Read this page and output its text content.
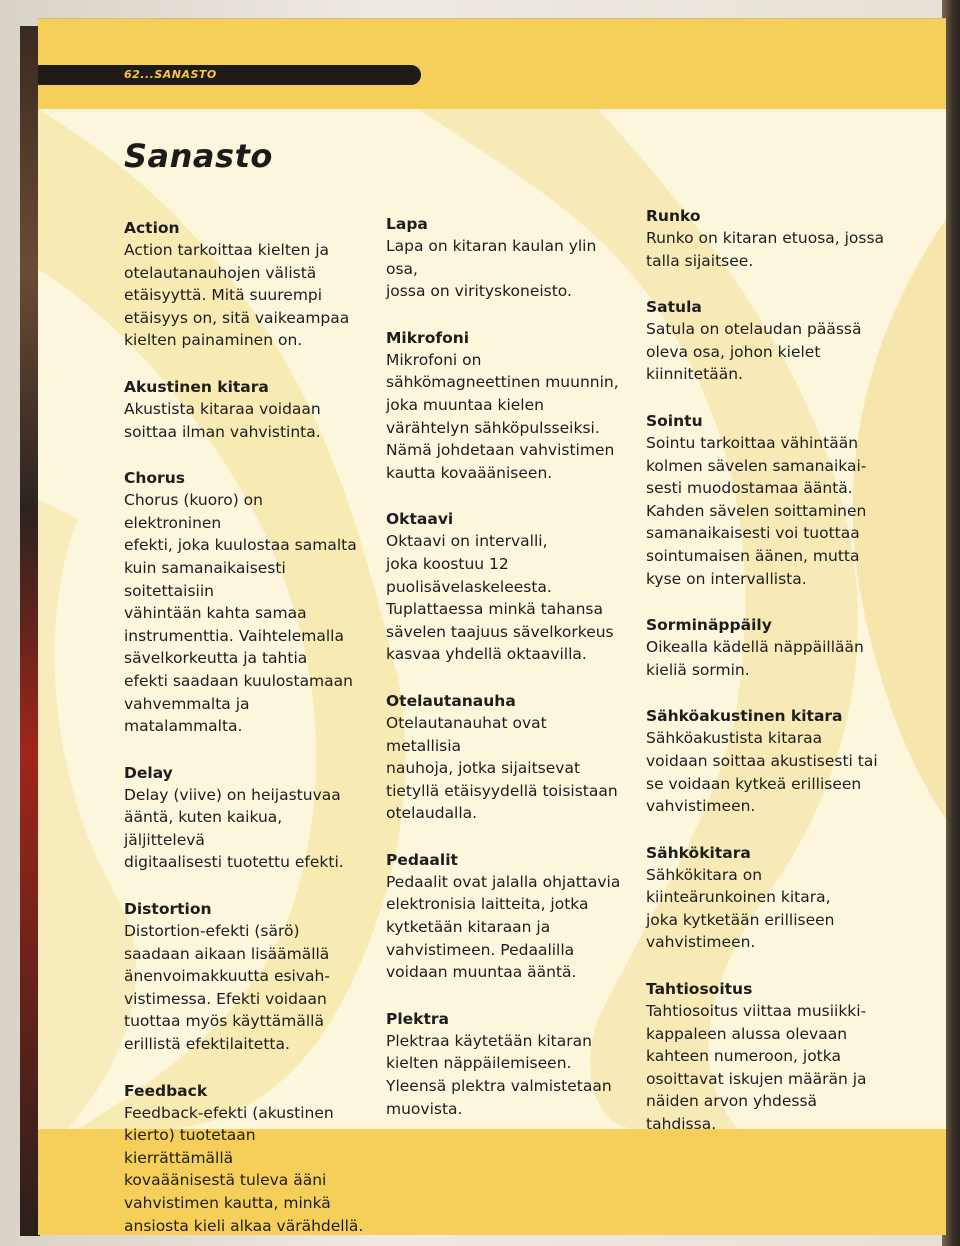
62...SANASTO
Sanasto
Action
Action tarkoittaa kielten ja
otelautanauhojen välistä
etäisyyttä. Mitä suurempi
etäisyys on, sitä vaikeampaa
kielten painaminen on.
Akustinen kitara
Akustista kitaraa voidaan
soittaa ilman vahvistinta.
Chorus
Chorus (kuoro) on elektroninen
efekti, joka kuulostaa samalta
kuin samanaikaisesti soitettaisiin
vähintään kahta samaa
instrumenttia. Vaihtelemalla
sävelkorkeutta ja tahtia
efekti saadaan kuulostamaan
vahvemmalta ja matalammalta.
Delay
Delay (viive) on heijastuvaa
ääntä, kuten kaikua, jäljittelevä
digitaalisesti tuotettu efekti.
Distortion
Distortion-efekti (särö)
saadaan aikaan lisäämällä
änenvoimakkuutta esivah-
vistimessa. Efekti voidaan
tuottaa myös käyttämällä
erillistä efektilaitetta.
Feedback
Feedback-efekti (akustinen
kierto) tuotetaan kierrättämällä
kovaäänisestä tuleva ääni
vahvistimen kautta, minkä
ansiosta kieli alkaa värähdellä.
Lapa
Lapa on kitaran kaulan ylin osa,
jossa on virityskoneisto.
Mikrofoni
Mikrofoni on
sähkömagneettinen muunnin,
joka muuntaa kielen
värähtelyn sähköpulsseiksi.
Nämä johdetaan vahvistimen
kautta kovaääniseen.
Oktaavi
Oktaavi on intervalli,
joka koostuu 12
puolisävelaskeleesta.
Tuplattaessa minkä tahansa
sävelen taajuus sävelkorkeus
kasvaa yhdellä oktaavilla.
Otelautanauha
Otelautanauhat ovat metallisia
nauhoja, jotka sijaitsevat
tietyllä etäisyydellä toisistaan
otelaudalla.
Pedaalit
Pedaalit ovat jalalla ohjattavia
elektronisia laitteita, jotka
kytketään kitaraan ja
vahvistimeen. Pedaalilla
voidaan muuntaa ääntä.
Plektra
Plektraa käytetään kitaran
kielten näppäilemiseen.
Yleensä plektra valmistetaan
muovista.
Runko
Runko on kitaran etuosa, jossa
talla sijaitsee.
Satula
Satula on otelaudan päässä
oleva osa, johon kielet
kiinnitetään.
Sointu
Sointu tarkoittaa vähintään
kolmen sävelen samanaikai-
sesti muodostamaa ääntä.
Kahden sävelen soittaminen
samanaikaisesti voi tuottaa
sointumaisen äänen, mutta
kyse on intervallista.
Sorminäppäily
Oikealla kädellä näppäillään
kieliä sormin.
Sähköakustinen kitara
Sähköakustista kitaraa
voidaan soittaa akustisesti tai
se voidaan kytkeä erilliseen
vahvistimeen.
Sähkökitara
Sähkökitara on
kiinteärunkoinen kitara,
joka kytketään erilliseen
vahvistimeen.
Tahtiosoitus
Tahtiosoitus viittaa musiikki-
kappaleen alussa olevaan
kahteen numeroon, jotka
osoittavat iskujen määrän ja
näiden arvon yhdessä tahdissa.
